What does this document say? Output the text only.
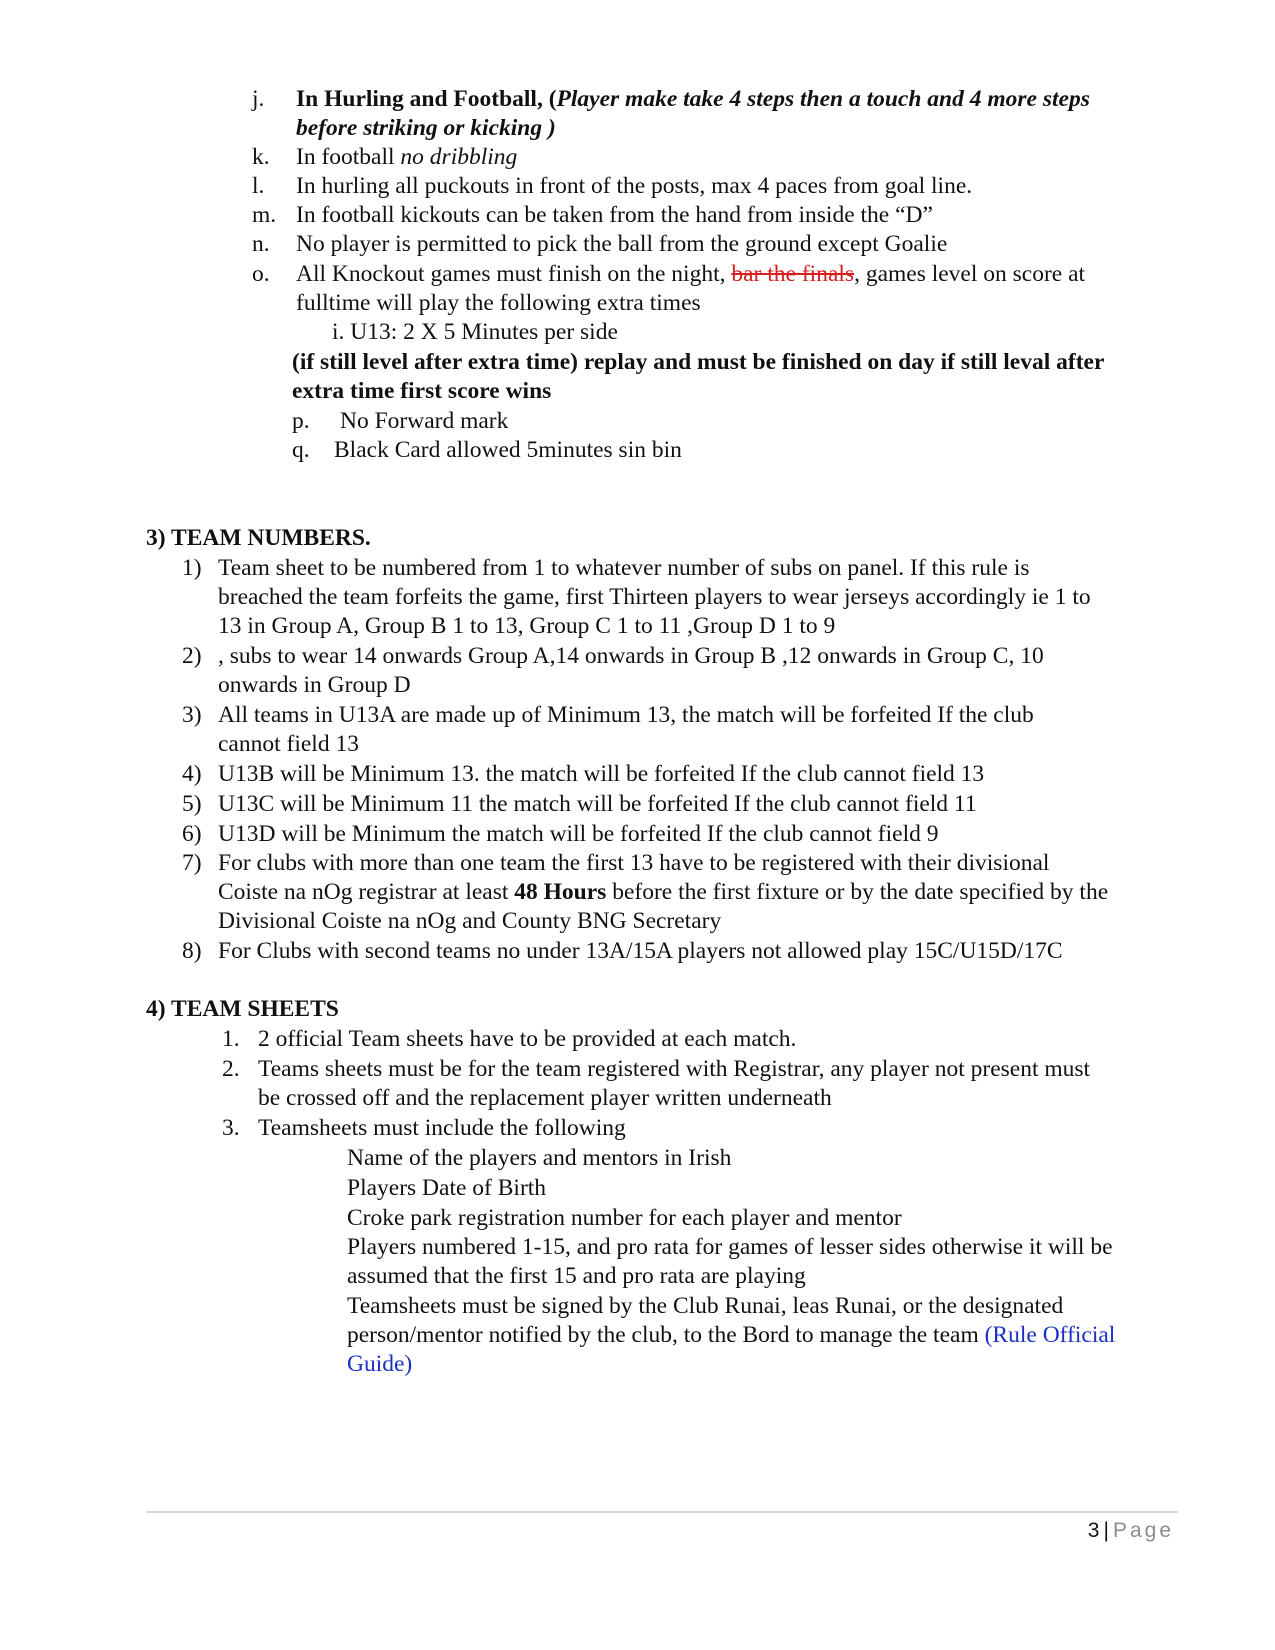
j. In Hurling and Football, (Player make take 4 steps then a touch and 4 more steps
before striking or kicking )
k. In football no dribbling
l. In hurling all puckouts in front of the posts, max 4 paces from goal line.
m. In football kickouts can be taken from the hand from inside the “D”
n. No player is permitted to pick the ball from the ground except Goalie
o. All Knockout games must finish on the night, bar the finals, games level on score at
fulltime will play the following extra times
i. U13: 2 X 5 Minutes per side
(if still level after extra time) replay and must be finished on day if still leval after
extra time first score wins
p. No Forward mark
q. Black Card allowed 5minutes sin bin
3) TEAM NUMBERS.
1) Team sheet to be numbered from 1 to whatever number of subs on panel. If this rule is
breached the team forfeits the game, first Thirteen players to wear jerseys accordingly ie 1 to
13 in Group A, Group B 1 to 13, Group C 1 to 11 ,Group D 1 to 9
2) , subs to wear 14 onwards Group A,14 onwards in Group B ,12 onwards in Group C, 10
onwards in Group D
3) All teams in U13A are made up of Minimum 13, the match will be forfeited If the club
cannot field 13
4) U13B will be Minimum 13. the match will be forfeited If the club cannot field 13
5) U13C will be Minimum 11 the match will be forfeited If the club cannot field 11
6) U13D will be Minimum the match will be forfeited If the club cannot field 9
7) For clubs with more than one team the first 13 have to be registered with their divisional
Coiste na nOg registrar at least 48 Hours before the first fixture or by the date specified by the
Divisional Coiste na nOg and County BNG Secretary
8) For Clubs with second teams no under 13A/15A players not allowed play 15C/U15D/17C
4) TEAM SHEETS
1. 2 official Team sheets have to be provided at each match.
2. Teams sheets must be for the team registered with Registrar, any player not present must
be crossed off and the replacement player written underneath
3. Teamsheets must include the following
Name of the players and mentors in Irish
Players Date of Birth
Croke park registration number for each player and mentor
Players numbered 1-15, and pro rata for games of lesser sides otherwise it will be
assumed that the first 15 and pro rata are playing
Teamsheets must be signed by the Club Runai, leas Runai, or the designated
person/mentor notified by the club, to the Bord to manage the team (Rule Official
Guide)
3 | Page
